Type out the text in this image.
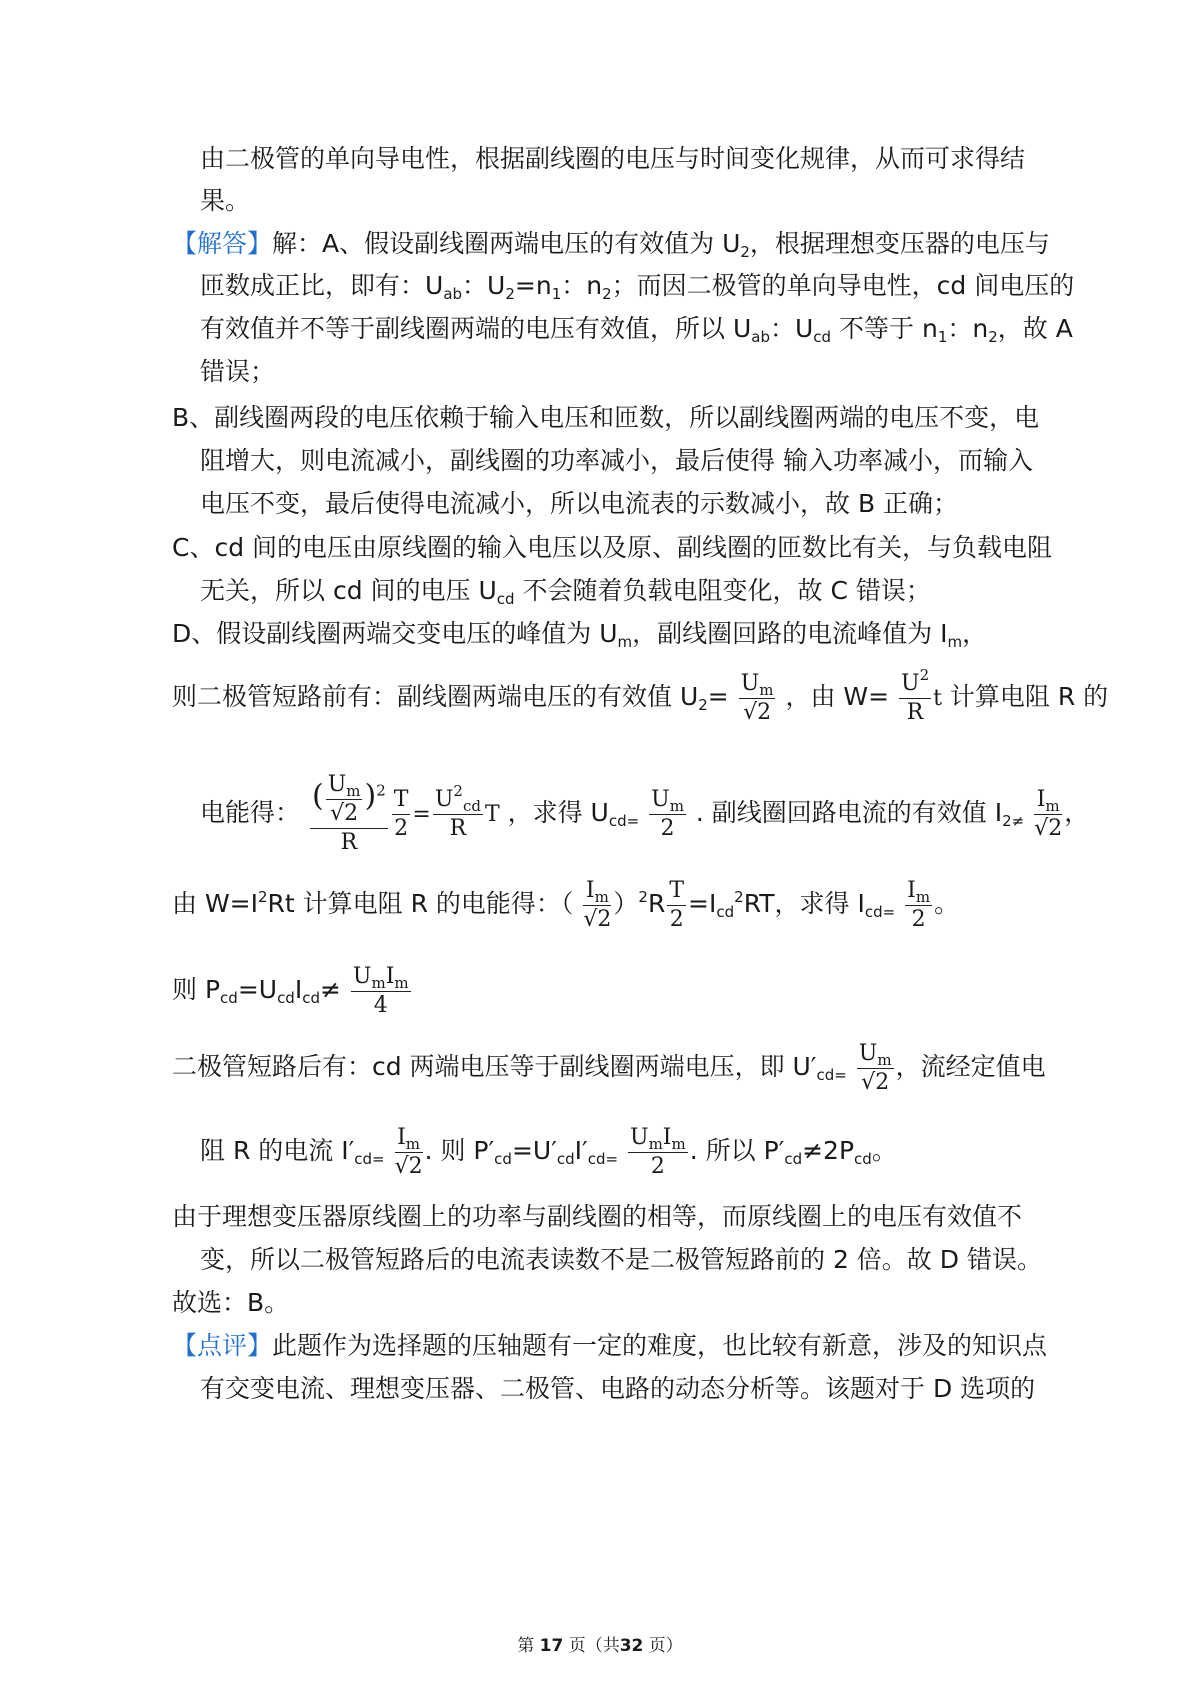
由二极管的单向导电性，根据副线圈的电压与时间变化规律，从而可求得结
果。
【解答】解：A、假设副线圈两端电压的有效值为 $U_2$，根据理想变压器的电压与
匝数成正比，即有：$U_{ab}$：$U_2=n_1$：$n_2$；而因二极管的单向导电性，cd 间电压的
有效值并不等于副线圈两端的电压有效值，所以 $U_{ab}$：$U_{cd}$ 不等于 $n_1$：$n_2$，故 A
错误；
B、副线圈两段的电压依赖于输入电压和匝数，所以副线圈两端的电压不变，电
阻增大，则电流减小，副线圈的功率减小，最后使得 输入功率减小，而输入
电压不变，最后使得电流减小，所以电流表的示数减小，故 B 正确；
C、cd 间的电压由原线圈的输入电压以及原、副线圈的匝数比有关，与负载电阻
无关，所以 cd 间的电压 $U_{cd}$ 不会随着负载电阻变化，故 C 错误；
D、假设副线圈两端交变电压的峰值为 $U_m$，副线圈回路的电流峰值为 $I_m$，
则二极管短路前有：副线圈两端电压的有效值 $U_2= \frac{U_m}{√2}$ ，由 $W= \frac{U^2}{R}$ t 计算电阻 R 的
电能得： $\frac{( \frac{U_m}{√2} )^2}{R} \frac{T}{2} = \frac{U^2_{cd}}{R}$ T ，求得 $U_{cd=} \frac{U_m}{2}$ . 副线圈回路电流的有效值 $I_{2\ne} \frac{I_m}{√2}$ ，
由 $W=I^2Rt$ 计算电阻 R 的电能得：（ $\frac{I_m}{√2} )^2R \frac{T}{2} =I_{cd}^2RT$，求得 $I_{cd=} \frac{I_m}{2}$ 。
则 $P_{cd}=U_{cd}I_{cd}\ne \frac{U_mI_m}{4}$
二极管短路后有：cd 两端电压等于副线圈两端电压，即 $U'_{cd=} \frac{U_m}{√2}$ ，流经定值电
阻 R 的电流 $I'_{cd=} \frac{I_m}{√2}$ . 则 $P'_{cd}=U'_{cd}I'_{cd=} \frac{U_mI_m}{2}$ . 所以 $P'_{cd}\ne 2P_{cd}$。
由于理想变压器原线圈上的功率与副线圈的相等，而原线圈上的电压有效值不
变，所以二极管短路后的电流表读数不是二极管短路前的 2 倍。故 D 错误。
故选：B。
【点评】此题作为选择题的压轴题有一定的难度，也比较有新意，涉及的知识点
有交变电流、理想变压器、二极管、电路的动态分析等。该题对于 D 选项的
第 17 页（共32 页）
